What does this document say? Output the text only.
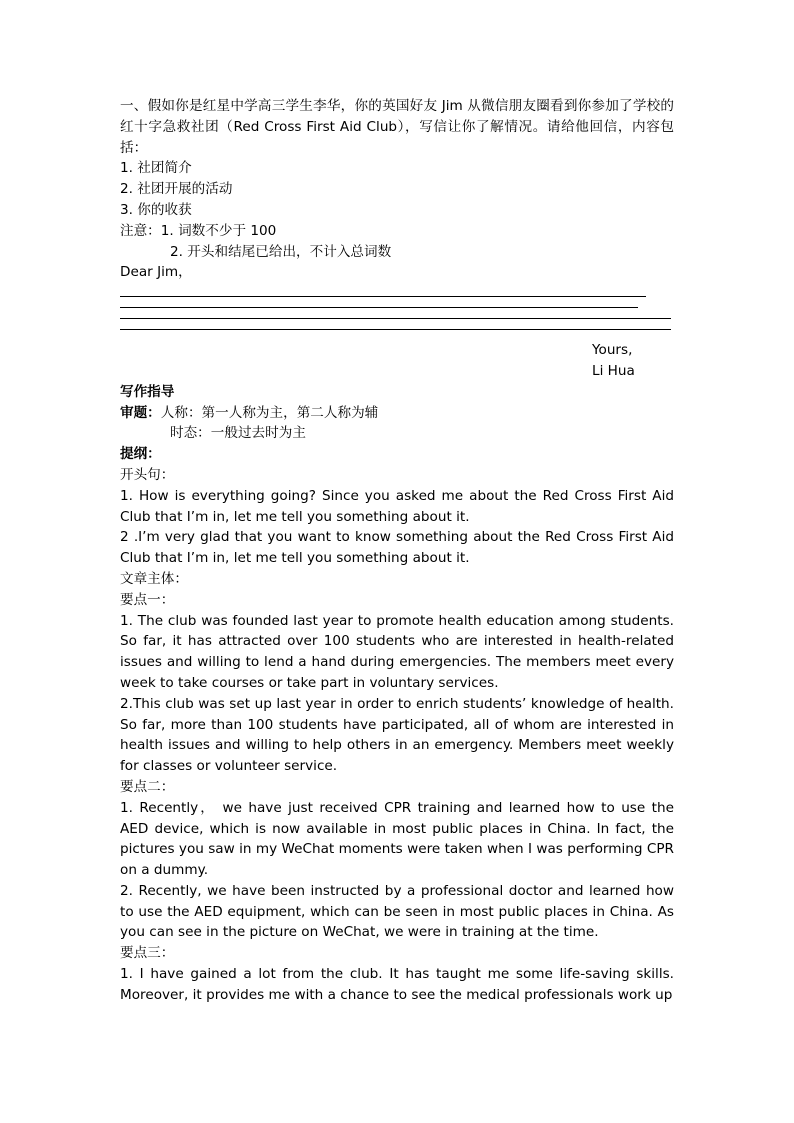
一、假如你是红星中学高三学生李华，你的英国好友 Jim 从微信朋友圈看到你参加了学校的红十字急救社团（Red Cross First Aid Club），写信让你了解情况。请给他回信，内容包括：

1. 社团简介

2. 社团开展的活动

3. 你的收获

注意：1. 词数不少于 100

2. 开头和结尾已给出，不计入总词数

Dear Jim，

Yours,

Li Hua

写作指导

审题：人称：第一人称为主，第二人称为辅

时态：一般过去时为主

提纲：

开头句：

1. How is everything going? Since you asked me about the Red Cross First Aid Club that I’m in, let me tell you something about it.

2 .I’m very glad that you want to know something about the Red Cross First Aid Club that I’m in, let me tell you something about it.

文章主体：

要点一：

1. The club was founded last year to promote health education among students. So far, it has attracted over 100 students who are interested in health-related issues and willing to lend a hand during emergencies. The members meet every week to take courses or take part in voluntary services.

2.This club was set up last year in order to enrich students’ knowledge of health. So far, more than 100 students have participated, all of whom are interested in health issues and willing to help others in an emergency. Members meet weekly for classes or volunteer service.

要点二：

1. Recently， we have just received CPR training and learned how to use the AED device, which is now available in most public places in China. In fact, the pictures you saw in my WeChat moments were taken when I was performing CPR on a dummy.

2. Recently, we have been instructed by a professional doctor and learned how to use the AED equipment, which can be seen in most public places in China. As you can see in the picture on WeChat, we were in training at the time.

要点三：

1. I have gained a lot from the club. It has taught me some life-saving skills. Moreover, it provides me with a chance to see the medical professionals work up
